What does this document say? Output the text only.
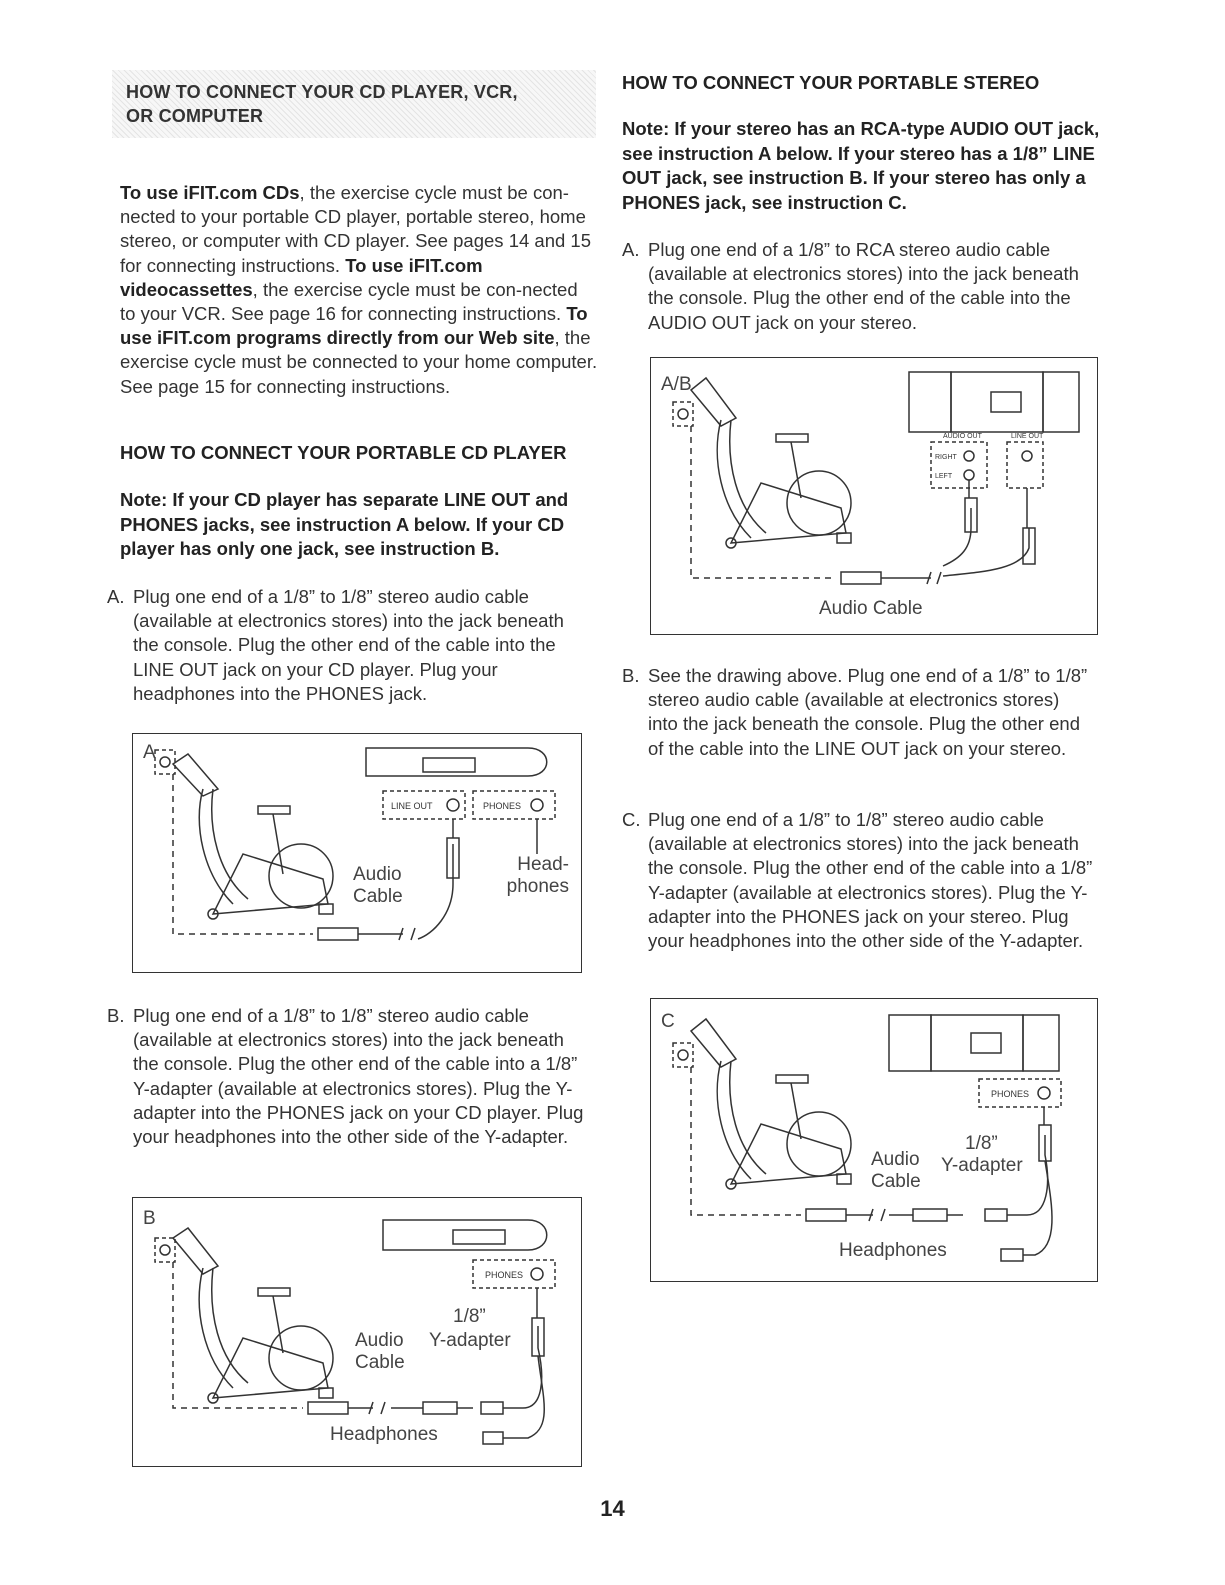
HOW TO CONNECT YOUR CD PLAYER, VCR,
OR COMPUTER
To use iFIT.com CDs, the exercise cycle must be con-nected to your portable CD player, portable stereo, home stereo, or computer with CD player. See pages 14 and 15 for connecting instructions. To use iFIT.com videocassettes, the exercise cycle must be con-nected to your VCR. See page 16 for connecting instructions. To use iFIT.com programs directly from our Web site, the exercise cycle must be connected to your home computer. See page 15 for connecting instructions.
HOW TO CONNECT YOUR PORTABLE CD PLAYER
Note: If your CD player has separate LINE OUT and PHONES jacks, see instruction A below. If your CD player has only one jack, see instruction B.
A. Plug one end of a 1/8” to 1/8” stereo audio cable (available at electronics stores) into the jack beneath the console. Plug the other end of the cable into the LINE OUT jack on your CD player. Plug your headphones into the PHONES jack.
LINE OUT	PHONES
A
Audio
Cable
Head-
phones
B. Plug one end of a 1/8” to 1/8” stereo audio cable (available at electronics stores) into the jack beneath the console. Plug the other end of the cable into a 1/8” Y-adapter (available at electronics stores). Plug the Y-adapter into the PHONES jack on your CD player. Plug your headphones into the other side of the Y-adapter.
PHONES
B
1/8”
Audio
Cable
Y-adapter
Headphones
HOW TO CONNECT YOUR PORTABLE STEREO
Note: If your stereo has an RCA-type AUDIO OUT jack, see instruction A below. If your stereo has a 1/8” LINE OUT jack, see instruction B. If your stereo has only a PHONES jack, see instruction C.
A. Plug one end of a 1/8” to RCA stereo audio cable (available at electronics stores) into the jack beneath the console. Plug the other end of the cable into the AUDIO OUT jack on your stereo.
AUDIO OUT	LINE OUT
RIGHT
LEFT
A/B
Audio Cable
B. See the drawing above. Plug one end of a 1/8” to 1/8” stereo audio cable (available at electronics stores) into the jack beneath the console. Plug the other end of the cable into the LINE OUT jack on your stereo.
C. Plug one end of a 1/8” to 1/8” stereo audio cable (available at electronics stores) into the jack beneath the console. Plug the other end of the cable into a 1/8” Y-adapter (available at electronics stores). Plug the Y-adapter into the PHONES jack on your stereo. Plug your headphones into the other side of the Y-adapter.
PHONES
C
1/8”
Audio
Cable
Y-adapter
Headphones
14
